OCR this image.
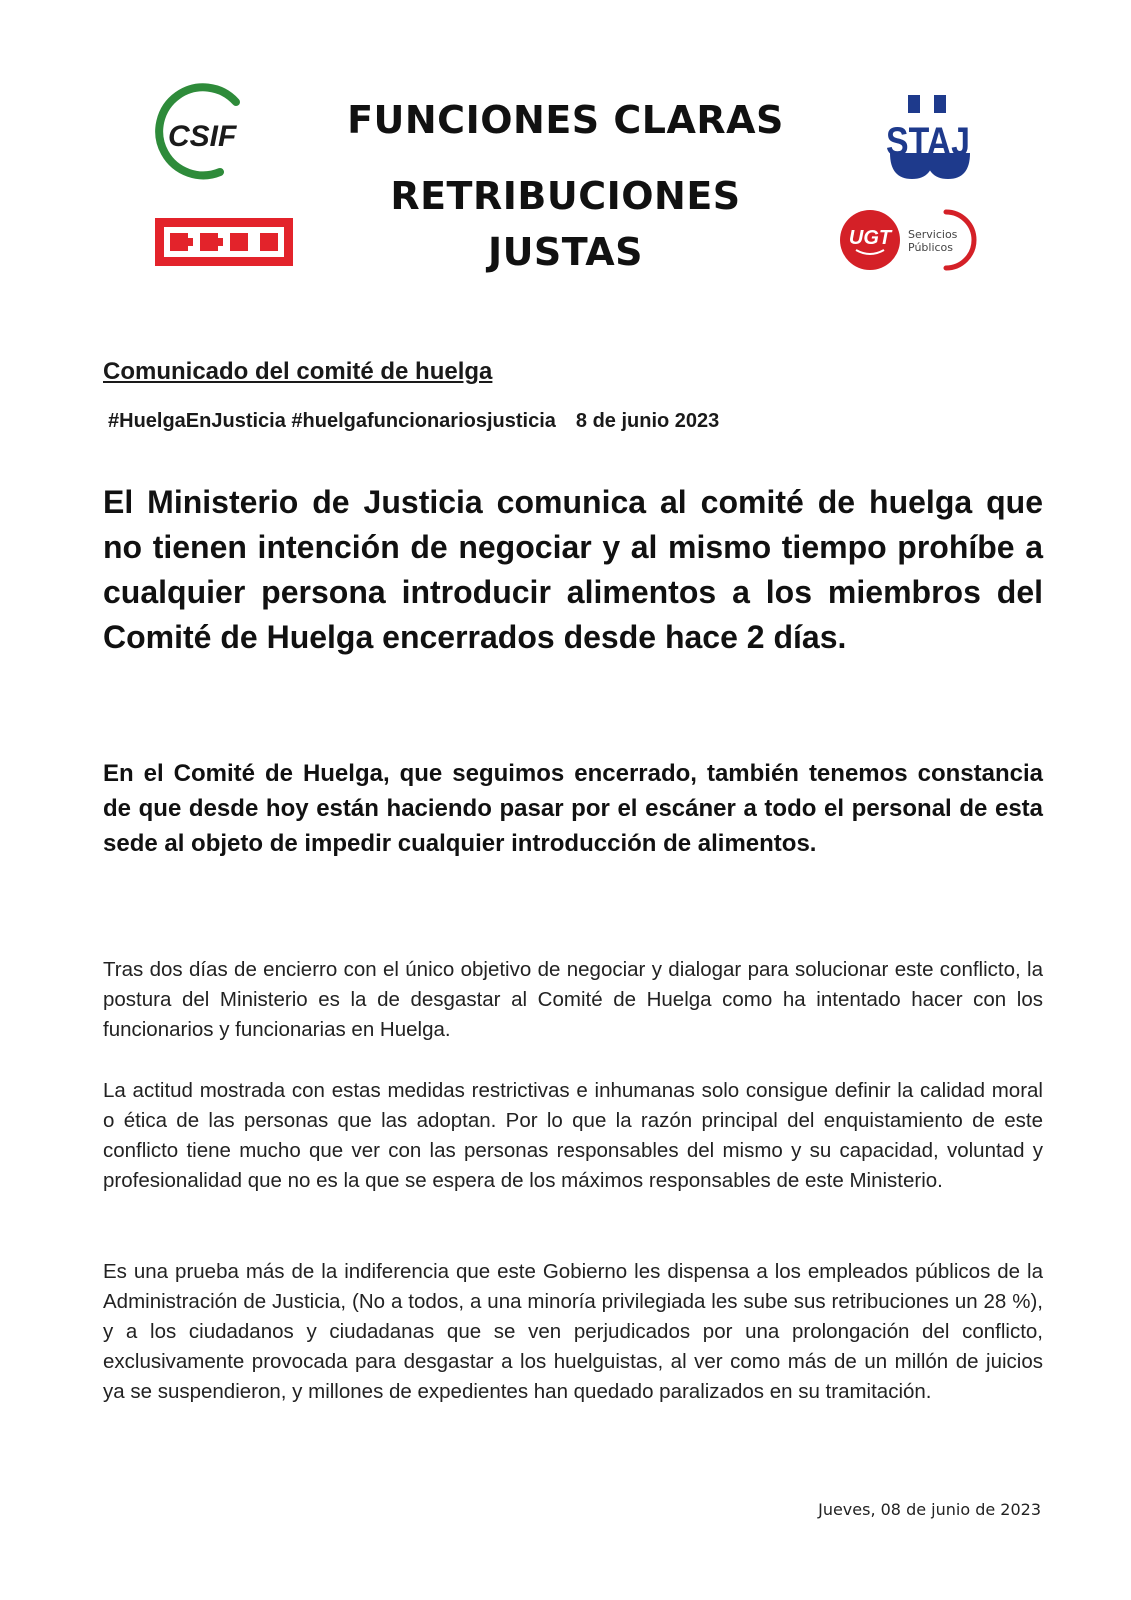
CSIF	STAJ
UGT Servicios
Públicos
FUNCIONES CLARAS
RETRIBUCIONES
JUSTAS
Comunicado del comité de huelga
#HuelgaEnJusticia #huelgafuncionariosjusticia 8 de junio 2023
El Ministerio de Justicia comunica al comité de huelga que no tienen intención de negociar y al mismo tiempo prohíbe a cualquier persona introducir alimentos a los miembros del Comité de Huelga encerrados desde hace 2 días.
En el Comité de Huelga, que seguimos encerrado, también tenemos constancia de que desde hoy están haciendo pasar por el escáner a todo el personal de esta sede al objeto de impedir cualquier introducción de alimentos.
Tras dos días de encierro con el único objetivo de negociar y dialogar para solucionar este conflicto, la postura del Ministerio es la de desgastar al Comité de Huelga como ha intentado hacer con los funcionarios y funcionarias en Huelga.
La actitud mostrada con estas medidas restrictivas e inhumanas solo consigue definir la calidad moral o ética de las personas que las adoptan. Por lo que la razón principal del enquistamiento de este conflicto tiene mucho que ver con las personas responsables del mismo y su capacidad, voluntad y profesionalidad que no es la que se espera de los máximos responsables de este Ministerio.
Es una prueba más de la indiferencia que este Gobierno les dispensa a los empleados públicos de la Administración de Justicia, (No a todos, a una minoría privilegiada les sube sus retribuciones un 28 %), y a los ciudadanos y ciudadanas que se ven perjudicados por una prolongación del conflicto, exclusivamente provocada para desgastar a los huelguistas, al ver como más de un millón de juicios ya se suspendieron, y millones de expedientes han quedado paralizados en su tramitación.
Jueves, 08 de junio de 2023
